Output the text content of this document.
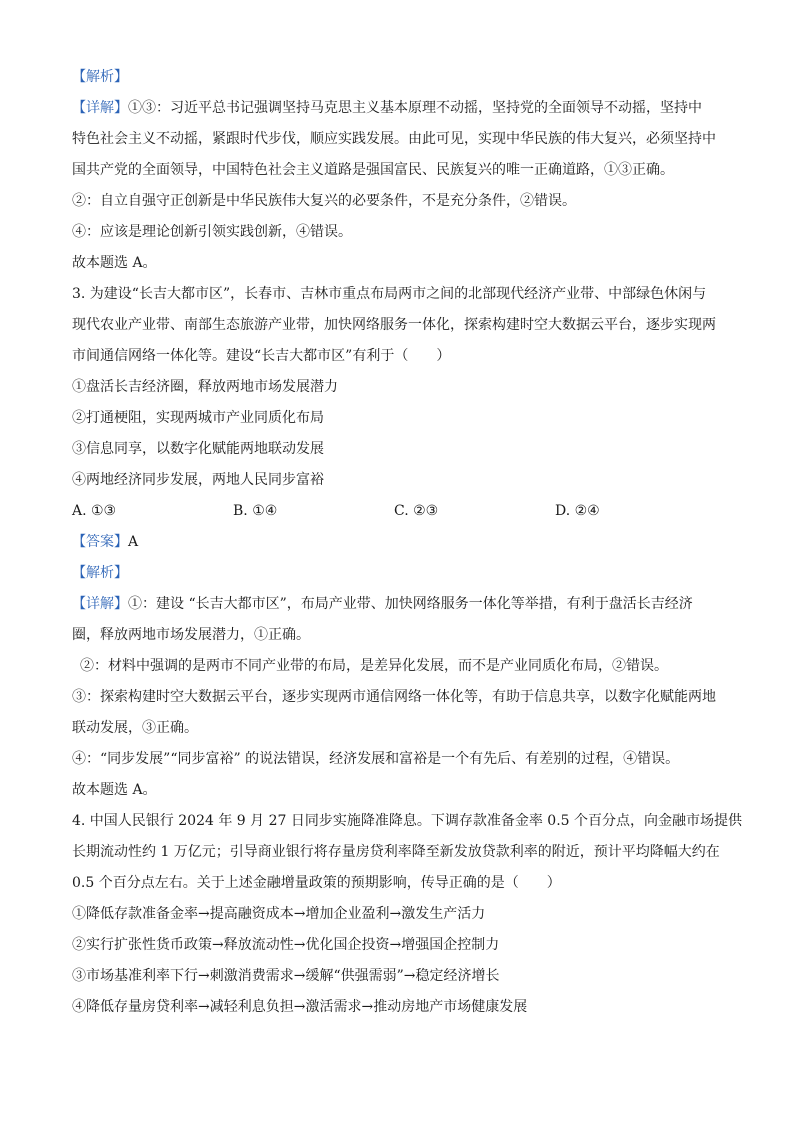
【解析】
【详解】①③：习近平总书记强调坚持马克思主义基本原理不动摇，坚持党的全面领导不动摇，坚持中
特色社会主义不动摇，紧跟时代步伐，顺应实践发展。由此可见，实现中华民族的伟大复兴，必须坚持中
国共产党的全面领导，中国特色社会主义道路是强国富民、民族复兴的唯一正确道路，①③正确。
②：自立自强守正创新是中华民族伟大复兴的必要条件，不是充分条件，②错误。
④：应该是理论创新引领实践创新，④错误。
故本题选 A。
3. 为建设“长吉大都市区”，长春市、吉林市重点布局两市之间的北部现代经济产业带、中部绿色休闲与
现代农业产业带、南部生态旅游产业带，加快网络服务一体化，探索构建时空大数据云平台，逐步实现两
市间通信网络一体化等。建设“长吉大都市区”有利于（　　）
①盘活长吉经济圈，释放两地市场发展潜力
②打通梗阻，实现两城市产业同质化布局
③信息同享，以数字化赋能两地联动发展
④两地经济同步发展，两地人民同步富裕
A. ①③	B. ①④	C. ②③	D. ②④
【答案】A
【解析】
【详解】①：建设 “长吉大都市区”，布局产业带、加快网络服务一体化等举措，有利于盘活长吉经济
圈，释放两地市场发展潜力，①正确。
②：材料中强调的是两市不同产业带的布局，是差异化发展，而不是产业同质化布局，②错误。
③：探索构建时空大数据云平台，逐步实现两市通信网络一体化等，有助于信息共享，以数字化赋能两地
联动发展，③正确。
④：“同步发展”“同步富裕” 的说法错误，经济发展和富裕是一个有先后、有差别的过程，④错误。
故本题选 A。
4. 中国人民银行 2024 年 9 月 27 日同步实施降准降息。下调存款准备金率 0.5 个百分点，向金融市场提供
长期流动性约 1 万亿元；引导商业银行将存量房贷利率降至新发放贷款利率的附近，预计平均降幅大约在
0.5 个百分点左右。关于上述金融增量政策的预期影响，传导正确的是（　　）
①降低存款准备金率→提高融资成本→增加企业盈利→激发生产活力
②实行扩张性货币政策→释放流动性→优化国企投资→增强国企控制力
③市场基准利率下行→刺激消费需求→缓解“供强需弱”→稳定经济增长
④降低存量房贷利率→减轻利息负担→激活需求→推动房地产市场健康发展
